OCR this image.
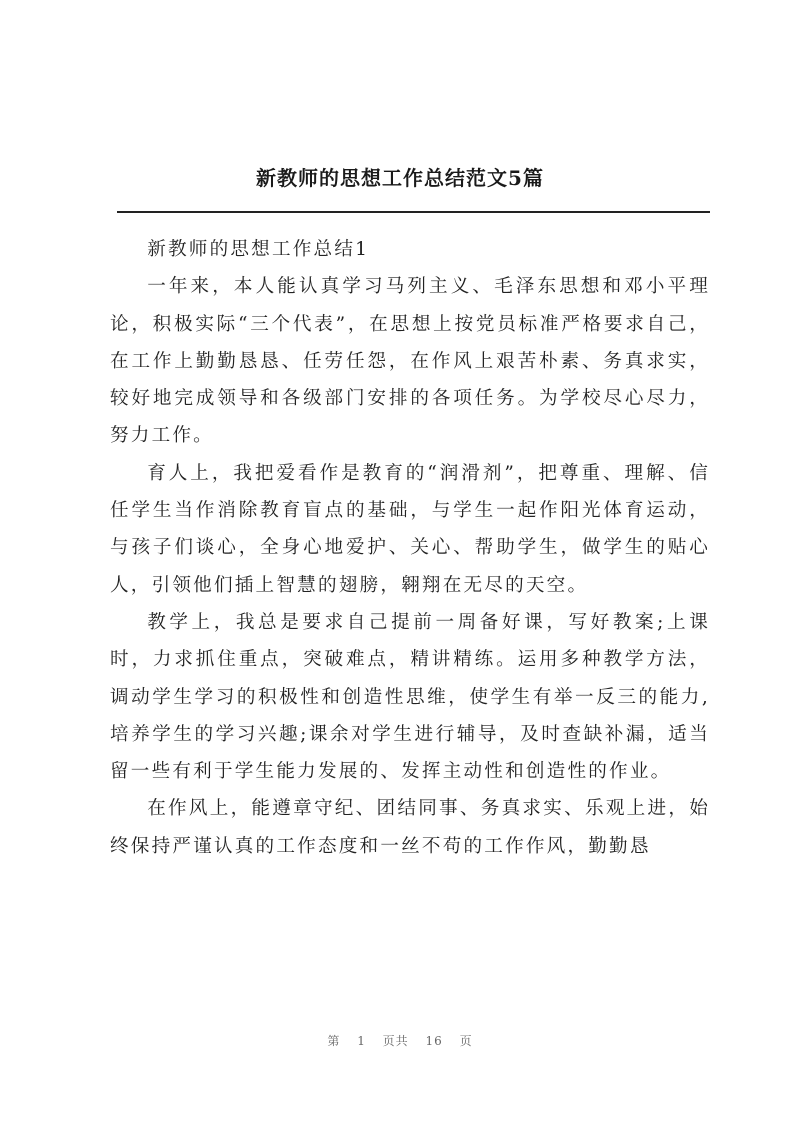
新教师的思想工作总结范文5篇

新教师的思想工作总结1

一年来，本人能认真学习马列主义、毛泽东思想和邓小平理论，积极实际“三个代表”，在思想上按党员标准严格要求自己，在工作上勤勤恳恳、任劳任怨，在作风上艰苦朴素、务真求实，较好地完成领导和各级部门安排的各项任务。为学校尽心尽力，努力工作。

育人上，我把爱看作是教育的“润滑剂”，把尊重、理解、信任学生当作消除教育盲点的基础，与学生一起作阳光体育运动，与孩子们谈心，全身心地爱护、关心、帮助学生，做学生的贴心人，引领他们插上智慧的翅膀，翱翔在无尽的天空。

教学上，我总是要求自己提前一周备好课，写好教案;上课时，力求抓住重点，突破难点，精讲精练。运用多种教学方法，调动学生学习的积极性和创造性思维，使学生有举一反三的能力,培养学生的学习兴趣;课余对学生进行辅导，及时查缺补漏，适当留一些有利于学生能力发展的、发挥主动性和创造性的作业。

在作风上，能遵章守纪、团结同事、务真求实、乐观上进，始终保持严谨认真的工作态度和一丝不苟的工作作风，勤勤恳

第 1 页共 16 页
